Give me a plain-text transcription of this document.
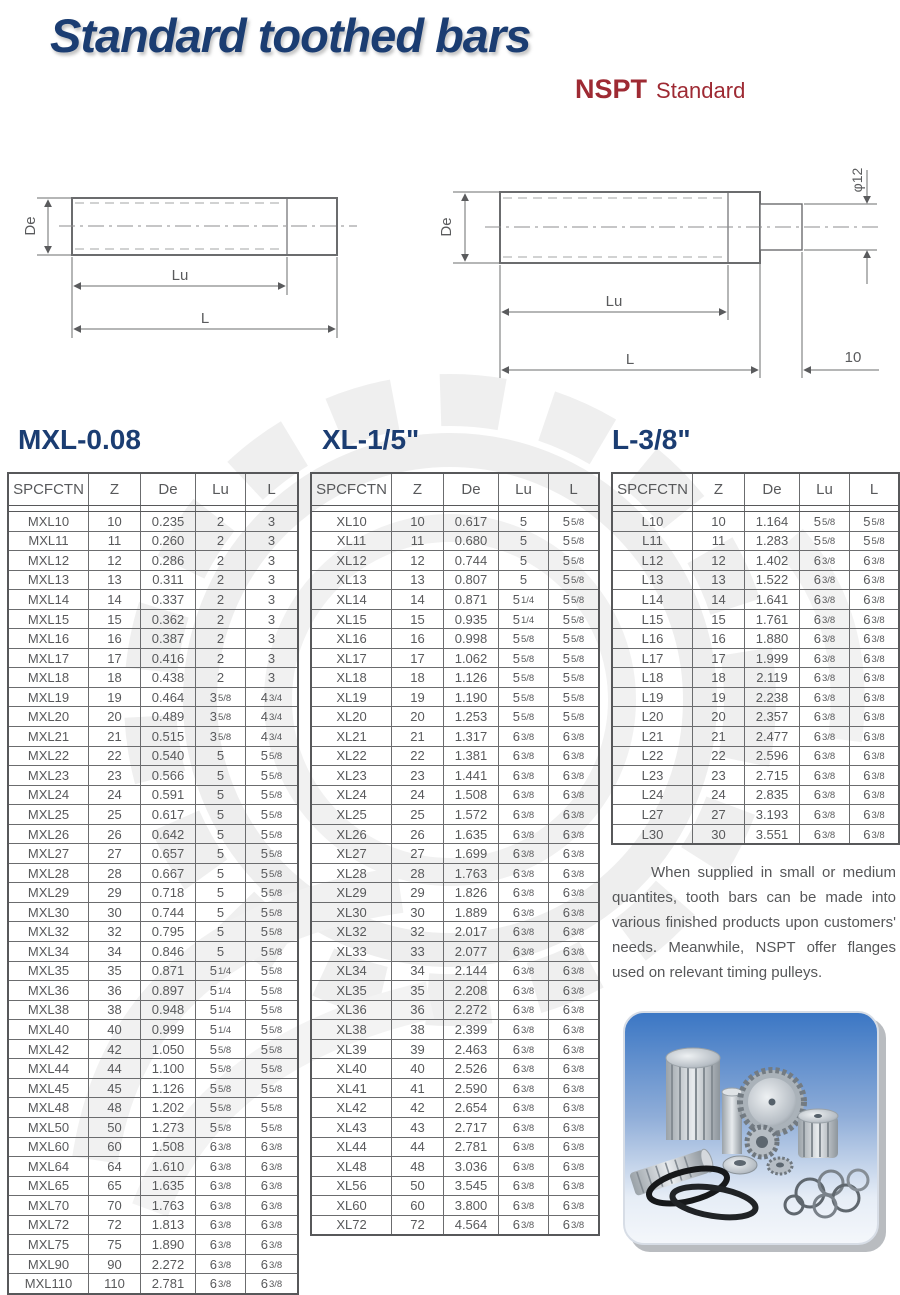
Standard toothed bars
NSPT Standard
De
Lu
L
De
φ12
Lu
L	10
MXL-0.08	XL-1/5"	L-3/8"
SPCFCTN	Z	De	Lu	L
MXL10	10	0.235	2	3
MXL11	11	0.260	2	3
MXL12	12	0.286	2	3
MXL13	13	0.311	2	3
MXL14	14	0.337	2	3
MXL15	15	0.362	2	3
MXL16	16	0.387	2	3
MXL17	17	0.416	2	3
MXL18	18	0.438	2	3
MXL19	19	0.464	3 5/8	4 3/4
MXL20	20	0.489	3 5/8	4 3/4
MXL21	21	0.515	3 5/8	4 3/4
MXL22	22	0.540	5	5 5/8
MXL23	23	0.566	5	5 5/8
MXL24	24	0.591	5	5 5/8
MXL25	25	0.617	5	5 5/8
MXL26	26	0.642	5	5 5/8
MXL27	27	0.657	5	5 5/8
MXL28	28	0.667	5	5 5/8
MXL29	29	0.718	5	5 5/8
MXL30	30	0.744	5	5 5/8
MXL32	32	0.795	5	5 5/8
MXL34	34	0.846	5	5 5/8
MXL35	35	0.871	5 1/4	5 5/8
MXL36	36	0.897	5 1/4	5 5/8
MXL38	38	0.948	5 1/4	5 5/8
MXL40	40	0.999	5 1/4	5 5/8
MXL42	42	1.050	5 5/8	5 5/8
MXL44	44	1.100	5 5/8	5 5/8
MXL45	45	1.126	5 5/8	5 5/8
MXL48	48	1.202	5 5/8	5 5/8
MXL50	50	1.273	5 5/8	5 5/8
MXL60	60	1.508	6 3/8	6 3/8
MXL64	64	1.610	6 3/8	6 3/8
MXL65	65	1.635	6 3/8	6 3/8
MXL70	70	1.763	6 3/8	6 3/8
MXL72	72	1.813	6 3/8	6 3/8
MXL75	75	1.890	6 3/8	6 3/8
MXL90	90	2.272	6 3/8	6 3/8
MXL110	110	2.781	6 3/8	6 3/8
SPCFCTN	Z	De	Lu	L
XL10	10	0.617	5	5 5/8
XL11	11	0.680	5	5 5/8
XL12	12	0.744	5	5 5/8
XL13	13	0.807	5	5 5/8
XL14	14	0.871	5 1/4	5 5/8
XL15	15	0.935	5 1/4	5 5/8
XL16	16	0.998	5 5/8	5 5/8
XL17	17	1.062	5 5/8	5 5/8
XL18	18	1.126	5 5/8	5 5/8
XL19	19	1.190	5 5/8	5 5/8
XL20	20	1.253	5 5/8	5 5/8
XL21	21	1.317	6 3/8	6 3/8
XL22	22	1.381	6 3/8	6 3/8
XL23	23	1.441	6 3/8	6 3/8
XL24	24	1.508	6 3/8	6 3/8
XL25	25	1.572	6 3/8	6 3/8
XL26	26	1.635	6 3/8	6 3/8
XL27	27	1.699	6 3/8	6 3/8
XL28	28	1.763	6 3/8	6 3/8
XL29	29	1.826	6 3/8	6 3/8
XL30	30	1.889	6 3/8	6 3/8
XL32	32	2.017	6 3/8	6 3/8
XL33	33	2.077	6 3/8	6 3/8
XL34	34	2.144	6 3/8	6 3/8
XL35	35	2.208	6 3/8	6 3/8
XL36	36	2.272	6 3/8	6 3/8
XL38	38	2.399	6 3/8	6 3/8
XL39	39	2.463	6 3/8	6 3/8
XL40	40	2.526	6 3/8	6 3/8
XL41	41	2.590	6 3/8	6 3/8
XL42	42	2.654	6 3/8	6 3/8
XL43	43	2.717	6 3/8	6 3/8
XL44	44	2.781	6 3/8	6 3/8
XL48	48	3.036	6 3/8	6 3/8
XL56	50	3.545	6 3/8	6 3/8
XL60	60	3.800	6 3/8	6 3/8
XL72	72	4.564	6 3/8	6 3/8
SPCFCTN	Z	De	Lu	L
L10	10	1.164	5 5/8	5 5/8
L11	11	1.283	5 5/8	5 5/8
L12	12	1.402	6 3/8	6 3/8
L13	13	1.522	6 3/8	6 3/8
L14	14	1.641	6 3/8	6 3/8
L15	15	1.761	6 3/8	6 3/8
L16	16	1.880	6 3/8	6 3/8
L17	17	1.999	6 3/8	6 3/8
L18	18	2.119	6 3/8	6 3/8
L19	19	2.238	6 3/8	6 3/8
L20	20	2.357	6 3/8	6 3/8
L21	21	2.477	6 3/8	6 3/8
L22	22	2.596	6 3/8	6 3/8
L23	23	2.715	6 3/8	6 3/8
L24	24	2.835	6 3/8	6 3/8
L27	27	3.193	6 3/8	6 3/8
L30	30	3.551	6 3/8	6 3/8
When supplied in small or medium quantites, tooth bars can be made into various finished products upon customers' needs. Meanwhile, NSPT offer flanges used on relevant timing pulleys.
